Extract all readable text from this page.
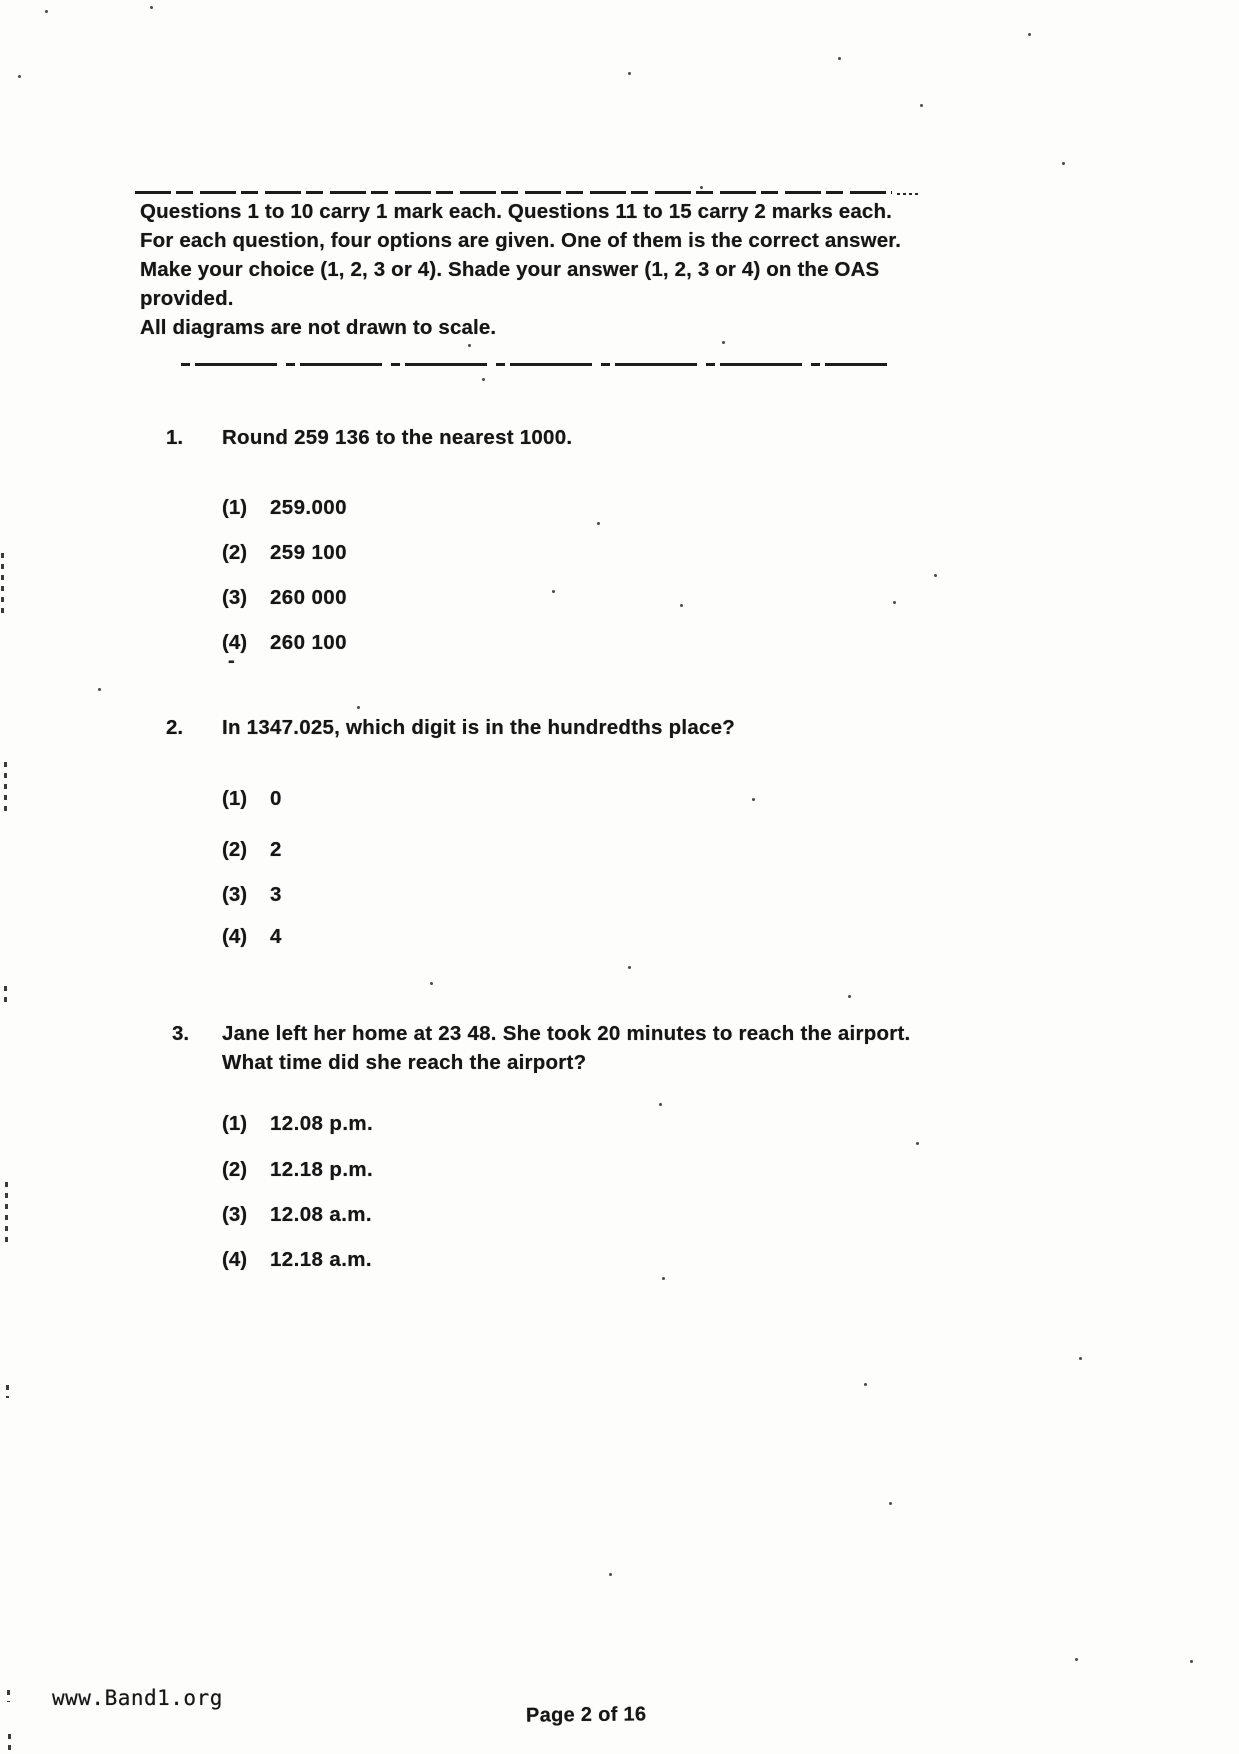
Questions 1 to 10 carry 1 mark each. Questions 11 to 15 carry 2 marks each.
For each question, four options are given. One of them is the correct answer.
Make your choice (1, 2, 3 or 4). Shade your answer (1, 2, 3 or 4) on the OAS provided.
All diagrams are not drawn to scale.
1. Round 259 136 to the nearest 1000.
(1) 259.000
(2) 259 100
(3) 260 000
(4) 260 100
2. In 1347.025, which digit is in the hundredths place?
(1) 0
(2) 2
(3) 3
(4) 4
3. Jane left her home at 23 48. She took 20 minutes to reach the airport.
What time did she reach the airport?
(1) 12.08 p.m.
(2) 12.18 p.m.
(3) 12.08 a.m.
(4) 12.18 a.m.
-
www.Band1.org
Page 2 of 16
